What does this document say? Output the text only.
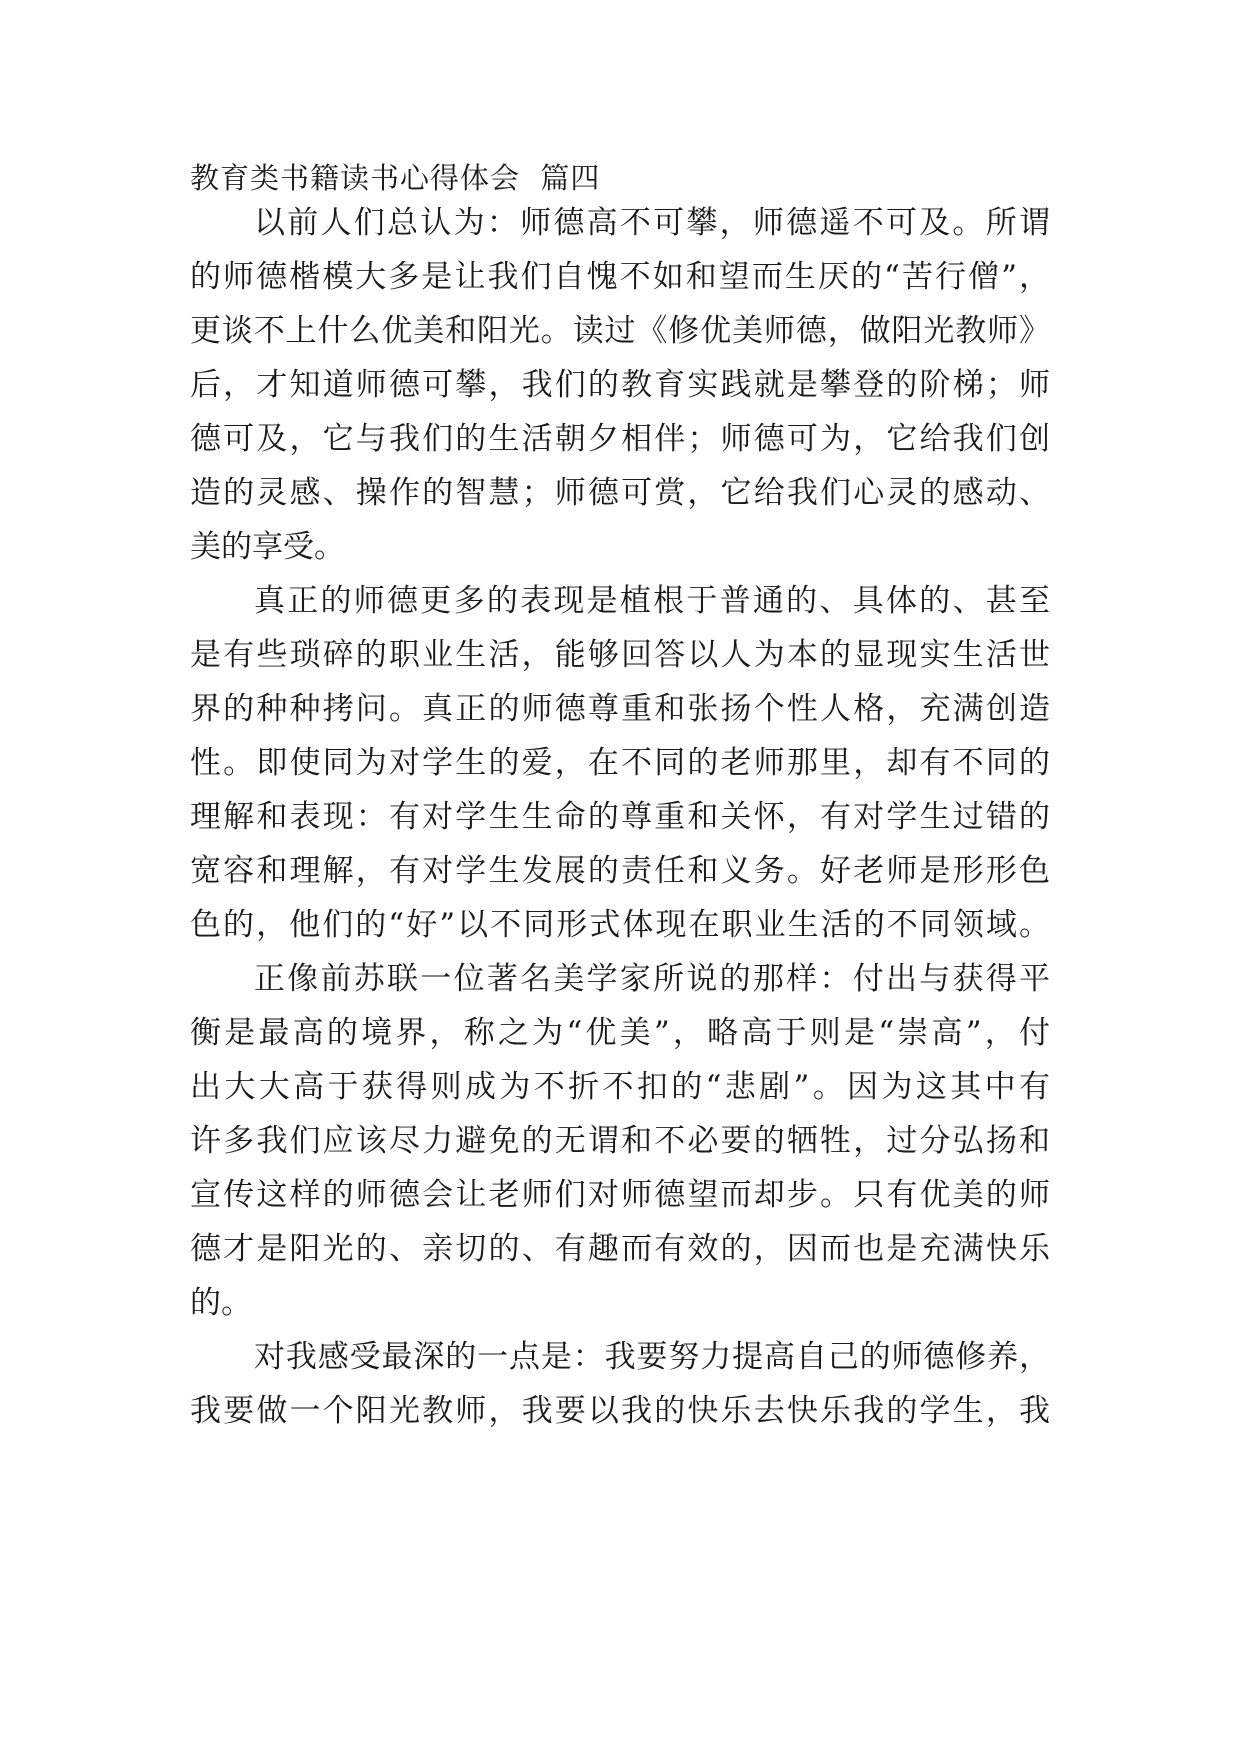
教育类书籍读书心得体会  篇四
以前人们总认为：师德高不可攀，师德遥不可及。所谓
的师德楷模大多是让我们自愧不如和望而生厌的“苦行僧”，
更谈不上什么优美和阳光。读过《修优美师德，做阳光教师》
后，才知道师德可攀，我们的教育实践就是攀登的阶梯；师
德可及，它与我们的生活朝夕相伴；师德可为，它给我们创
造的灵感、操作的智慧；师德可赏，它给我们心灵的感动、
美的享受。
真正的师德更多的表现是植根于普通的、具体的、甚至
是有些琐碎的职业生活，能够回答以人为本的显现实生活世
界的种种拷问。真正的师德尊重和张扬个性人格，充满创造
性。即使同为对学生的爱，在不同的老师那里，却有不同的
理解和表现：有对学生生命的尊重和关怀，有对学生过错的
宽容和理解，有对学生发展的责任和义务。好老师是形形色
色的，他们的“好”以不同形式体现在职业生活的不同领域。
正像前苏联一位著名美学家所说的那样：付出与获得平
衡是最高的境界，称之为“优美”，略高于则是“崇高”，付
出大大高于获得则成为不折不扣的“悲剧”。因为这其中有
许多我们应该尽力避免的无谓和不必要的牺牲，过分弘扬和
宣传这样的师德会让老师们对师德望而却步。只有优美的师
德才是阳光的、亲切的、有趣而有效的，因而也是充满快乐
的。
对我感受最深的一点是：我要努力提高自己的师德修养，
我要做一个阳光教师，我要以我的快乐去快乐我的学生，我
